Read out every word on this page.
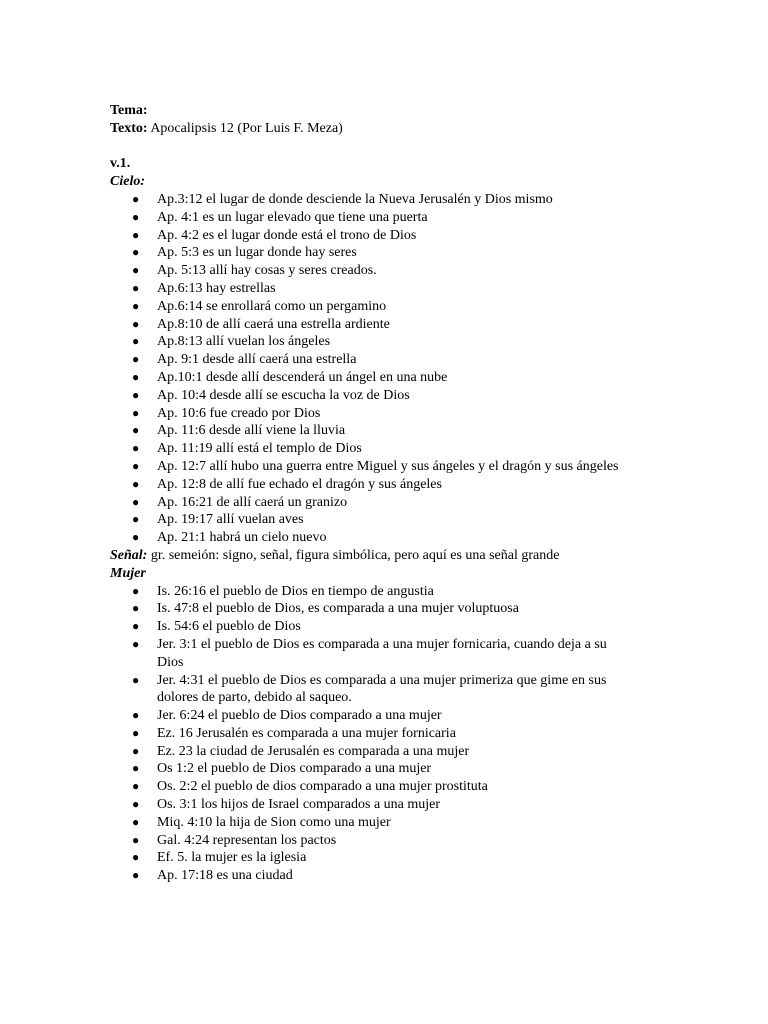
Tema:

Texto: Apocalipsis 12 (Por Luis F. Meza)

v.1.

Cielo:

● Ap.3:12 el lugar de donde desciende la Nueva Jerusalén y Dios mismo
● Ap. 4:1 es un lugar elevado que tiene una puerta
● Ap. 4:2 es el lugar donde está el trono de Dios
● Ap. 5:3 es un lugar donde hay seres
● Ap. 5:13 allí hay cosas y seres creados.
● Ap.6:13 hay estrellas
● Ap.6:14 se enrollará como un pergamino
● Ap.8:10 de allí caerá una estrella ardiente
● Ap.8:13 allí vuelan los ángeles
● Ap. 9:1 desde allí caerá una estrella
● Ap.10:1 desde allí descenderá un ángel en una nube
● Ap. 10:4 desde allí se escucha la voz de Dios
● Ap. 10:6 fue creado por Dios
● Ap. 11:6 desde allí viene la lluvia
● Ap. 11:19 allí está el templo de Dios
● Ap. 12:7 allí hubo una guerra entre Miguel y sus ángeles y el dragón y sus ángeles
● Ap. 12:8 de allí fue echado el dragón y sus ángeles
● Ap. 16:21 de allí caerá un granizo
● Ap. 19:17 allí vuelan aves
● Ap. 21:1 habrá un cielo nuevo

Señal: gr. semeión: signo, señal, figura simbólica, pero aquí es una señal grande

Mujer

● Is. 26:16 el pueblo de Dios en tiempo de angustia
● Is. 47:8 el pueblo de Dios, es comparada a una mujer voluptuosa
● Is. 54:6 el pueblo de Dios
● Jer. 3:1 el pueblo de Dios es comparada a una mujer fornicaria, cuando deja a su Dios
● Jer. 4:31 el pueblo de Dios es comparada a una mujer primeriza que gime en sus dolores de parto, debido al saqueo.
● Jer. 6:24 el pueblo de Dios comparado a una mujer
● Ez. 16 Jerusalén es comparada a una mujer fornicaria
● Ez. 23 la ciudad de Jerusalén es comparada a una mujer
● Os 1:2 el pueblo de Dios comparado a una mujer
● Os. 2:2 el pueblo de dios comparado a una mujer prostituta
● Os. 3:1 los hijos de Israel comparados a una mujer
● Miq. 4:10 la hija de Sion como una mujer
● Gal. 4:24 representan los pactos
● Ef. 5. la mujer es la iglesia
● Ap. 17:18 es una ciudad
